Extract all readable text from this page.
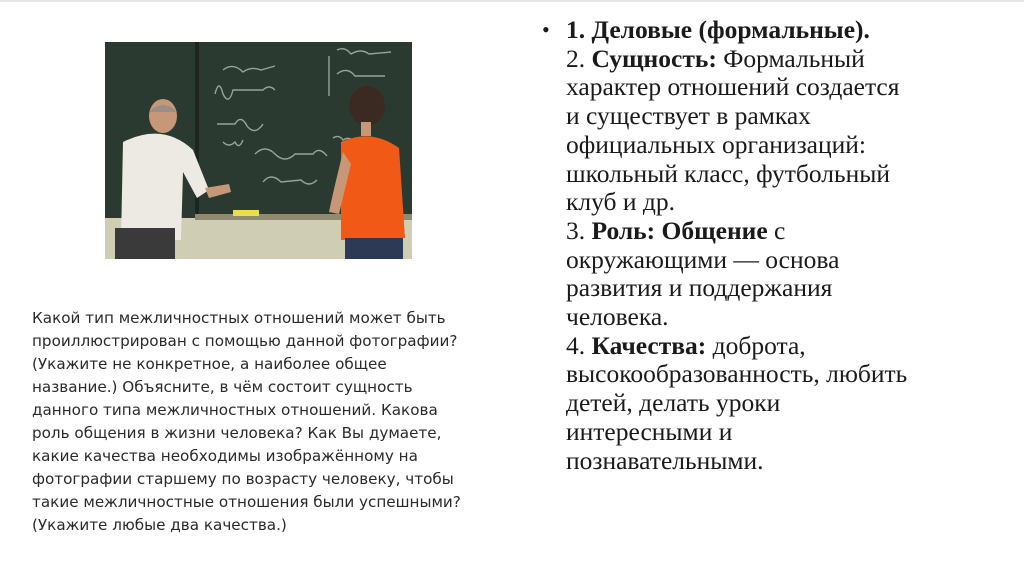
Какой тип межличностных отношений может быть
проиллюстрирован с помощью данной фотографии?
(Укажите не конкретное, а наиболее общее
название.) Объясните, в чём состоит сущность
данного типа межличностных отношений. Какова
роль общения в жизни человека? Как Вы думаете,
какие качества необходимы изображённому на
фотографии старшему по возрасту человеку, чтобы
такие межличностные отношения были успешными?
(Укажите любые два качества.)

• 1. Деловые (формальные).
2. Сущность: Формальный
характер отношений создается
и существует в рамках
официальных организаций:
школьный класс, футбольный
клуб и др.
3. Роль: Общение с
окружающими — основа
развития и поддержания
человека.
4. Качества: доброта,
высокообразованность, любить
детей, делать уроки
интересными и
познавательными.
